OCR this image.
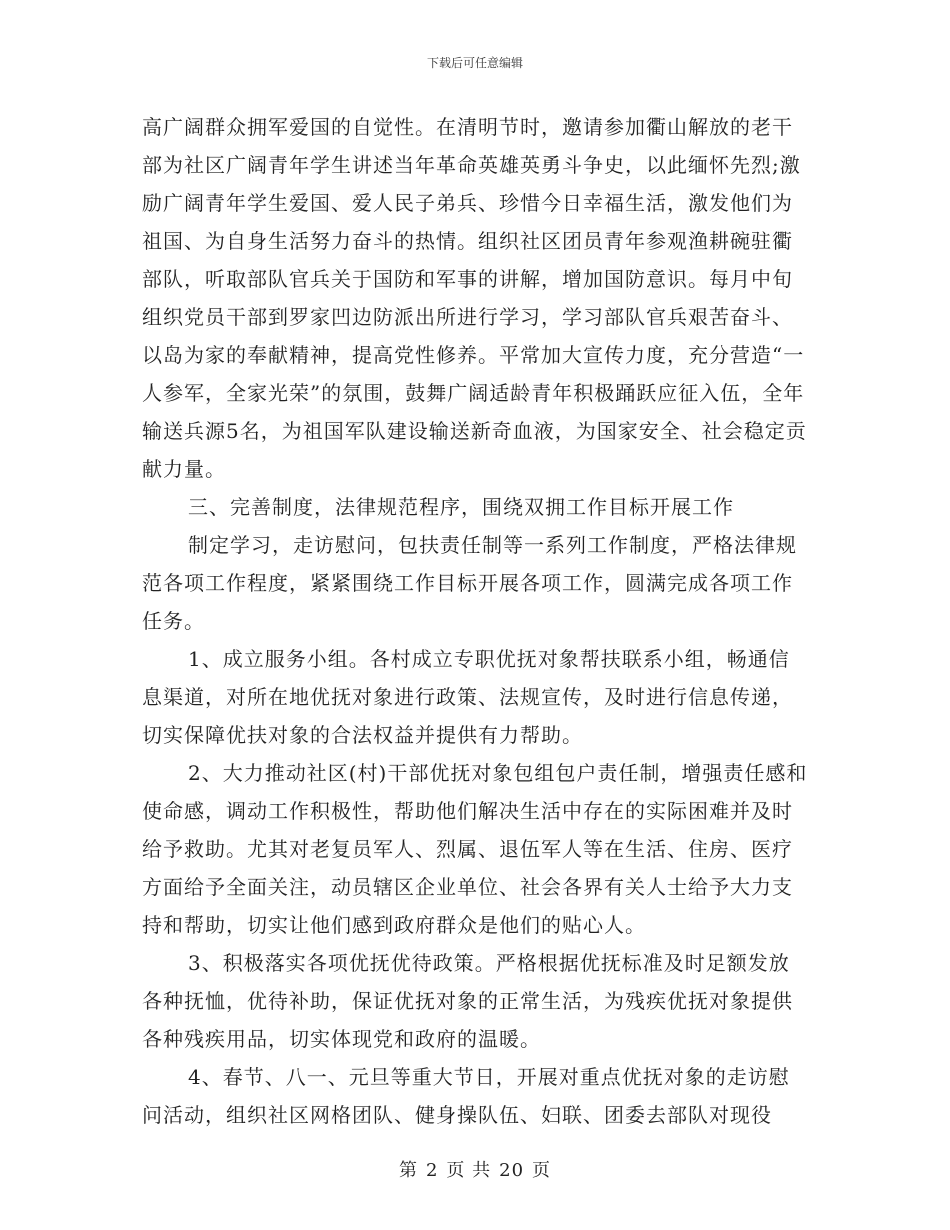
下载后可任意编辑

高广阔群众拥军爱国的自觉性。在清明节时，邀请参加衢山解放的老干部为社区广阔青年学生讲述当年革命英雄英勇斗争史，以此缅怀先烈;激励广阔青年学生爱国、爱人民子弟兵、珍惜今日幸福生活，激发他们为祖国、为自身生活努力奋斗的热情。组织社区团员青年参观渔耕碗驻衢部队，听取部队官兵关于国防和军事的讲解，增加国防意识。每月中旬组织党员干部到罗家凹边防派出所进行学习，学习部队官兵艰苦奋斗、以岛为家的奉献精神，提高党性修养。平常加大宣传力度，充分营造“一人参军，全家光荣”的氛围，鼓舞广阔适龄青年积极踊跃应征入伍，全年输送兵源5名，为祖国军队建设输送新奇血液，为国家安全、社会稳定贡献力量。

三、完善制度，法律规范程序，围绕双拥工作目标开展工作

制定学习，走访慰问，包扶责任制等一系列工作制度，严格法律规范各项工作程度，紧紧围绕工作目标开展各项工作，圆满完成各项工作任务。

1、成立服务小组。各村成立专职优抚对象帮扶联系小组，畅通信息渠道，对所在地优抚对象进行政策、法规宣传，及时进行信息传递，切实保障优扶对象的合法权益并提供有力帮助。

2、大力推动社区(村)干部优抚对象包组包户责任制，增强责任感和使命感，调动工作积极性，帮助他们解决生活中存在的实际困难并及时给予救助。尤其对老复员军人、烈属、退伍军人等在生活、住房、医疗方面给予全面关注，动员辖区企业单位、社会各界有关人士给予大力支持和帮助，切实让他们感到政府群众是他们的贴心人。

3、积极落实各项优抚优待政策。严格根据优抚标准及时足额发放各种抚恤，优待补助，保证优抚对象的正常生活，为残疾优抚对象提供各种残疾用品，切实体现党和政府的温暖。

4、春节、八一、元旦等重大节日，开展对重点优抚对象的走访慰问活动，组织社区网格团队、健身操队伍、妇联、团委去部队对现役

第 2 页 共 20 页
